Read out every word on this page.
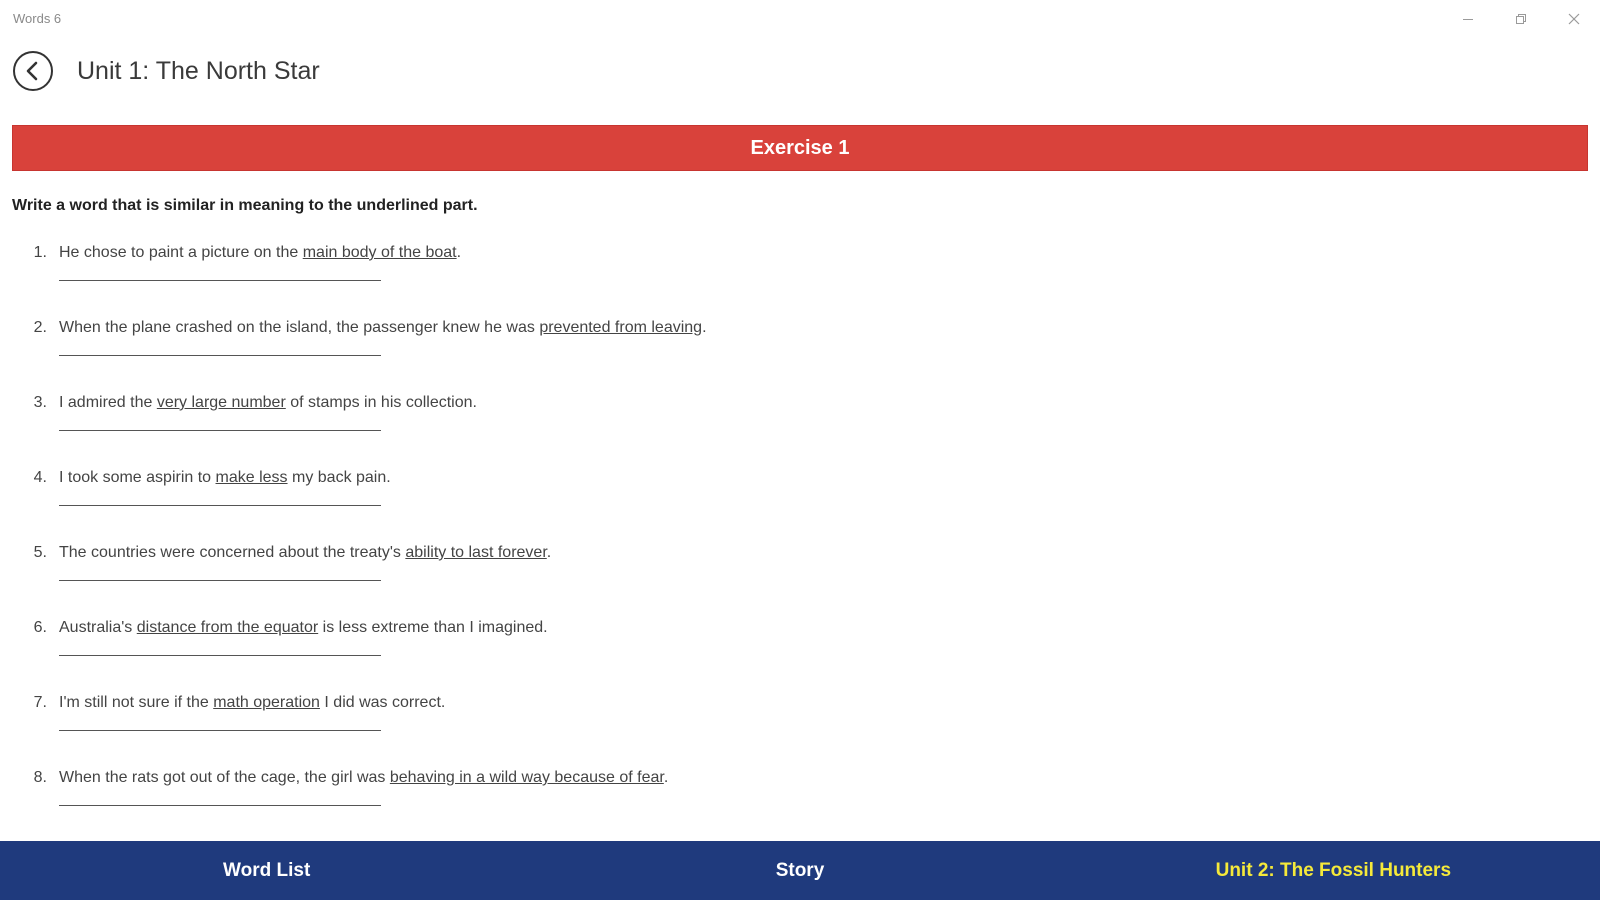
Words 6
Unit 1: The North Star
Exercise 1
Write a word that is similar in meaning to the underlined part.
1. He chose to paint a picture on the main body of the boat.
2. When the plane crashed on the island, the passenger knew he was prevented from leaving.
3. I admired the very large number of stamps in his collection.
4. I took some aspirin to make less my back pain.
5. The countries were concerned about the treaty's ability to last forever.
6. Australia's distance from the equator is less extreme than I imagined.
7. I'm still not sure if the math operation I did was correct.
8. When the rats got out of the cage, the girl was behaving in a wild way because of fear.
Word List	Story	Unit 2: The Fossil Hunters
